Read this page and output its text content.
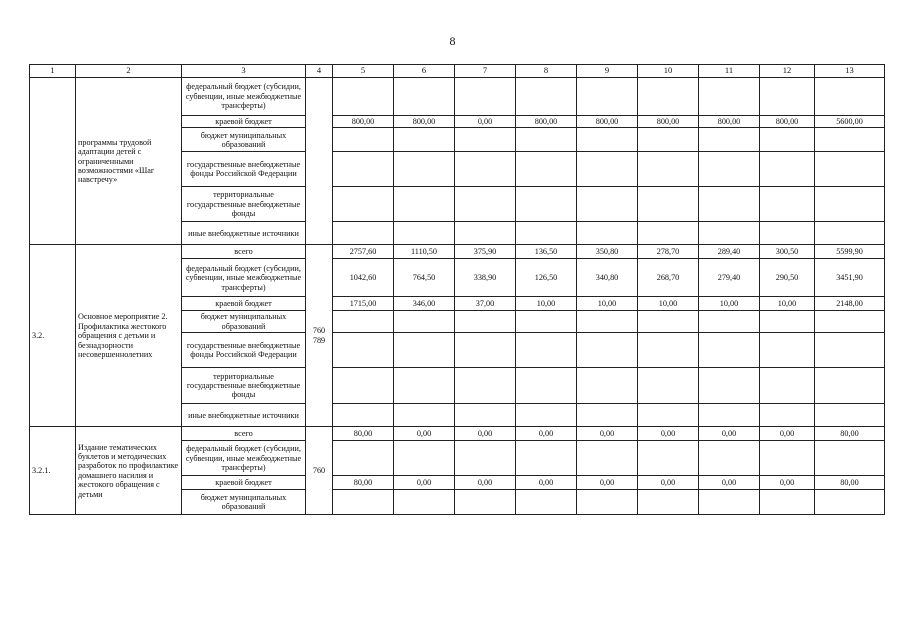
8
1	2	3	4	5	6	7	8	9	10	11	12	13
	программы трудовой адаптации детей с ограниченными возможностями «Шаг навстречу»	федеральный бюджет (субсидии, субвенции, иные межбюджетные трансферты)										
		краевой бюджет		800,00	800,00	0,00	800,00	800,00	800,00	800,00	800,00	5600,00
		бюджет муниципальных образований										
		государственные внебюджетные фонды Российской Федерации										
		территориальные государственные внебюджетные фонды										
		иные внебюджетные источники										
3.2.	Основное мероприятие 2. Профилактика жестокого обращения с детьми и безнадзорности несовершеннолетних	всего	760 789	2757,60	1110,50	375,90	136,50	350,80	278,70	289,40	300,50	5599,90
		федеральный бюджет (субсидии, субвенции, иные межбюджетные трансферты)		1042,60	764,50	338,90	126,50	340,80	268,70	279,40	290,50	3451,90
		краевой бюджет		1715,00	346,00	37,00	10,00	10,00	10,00	10,00	10,00	2148,00
		бюджет муниципальных образований										
		государственные внебюджетные фонды Российской Федерации										
		территориальные государственные внебюджетные фонды										
		иные внебюджетные источники										
3.2.1.	Издание тематических буклетов и методических разработок по профилактике домашнего насилия и жестокого обращения с детьми	всего	760	80,00	0,00	0,00	0,00	0,00	0,00	0,00	0,00	80,00
		федеральный бюджет (субсидии, субвенции, иные межбюджетные трансферты)										
		краевой бюджет		80,00	0,00	0,00	0,00	0,00	0,00	0,00	0,00	80,00
		бюджет муниципальных образований										
